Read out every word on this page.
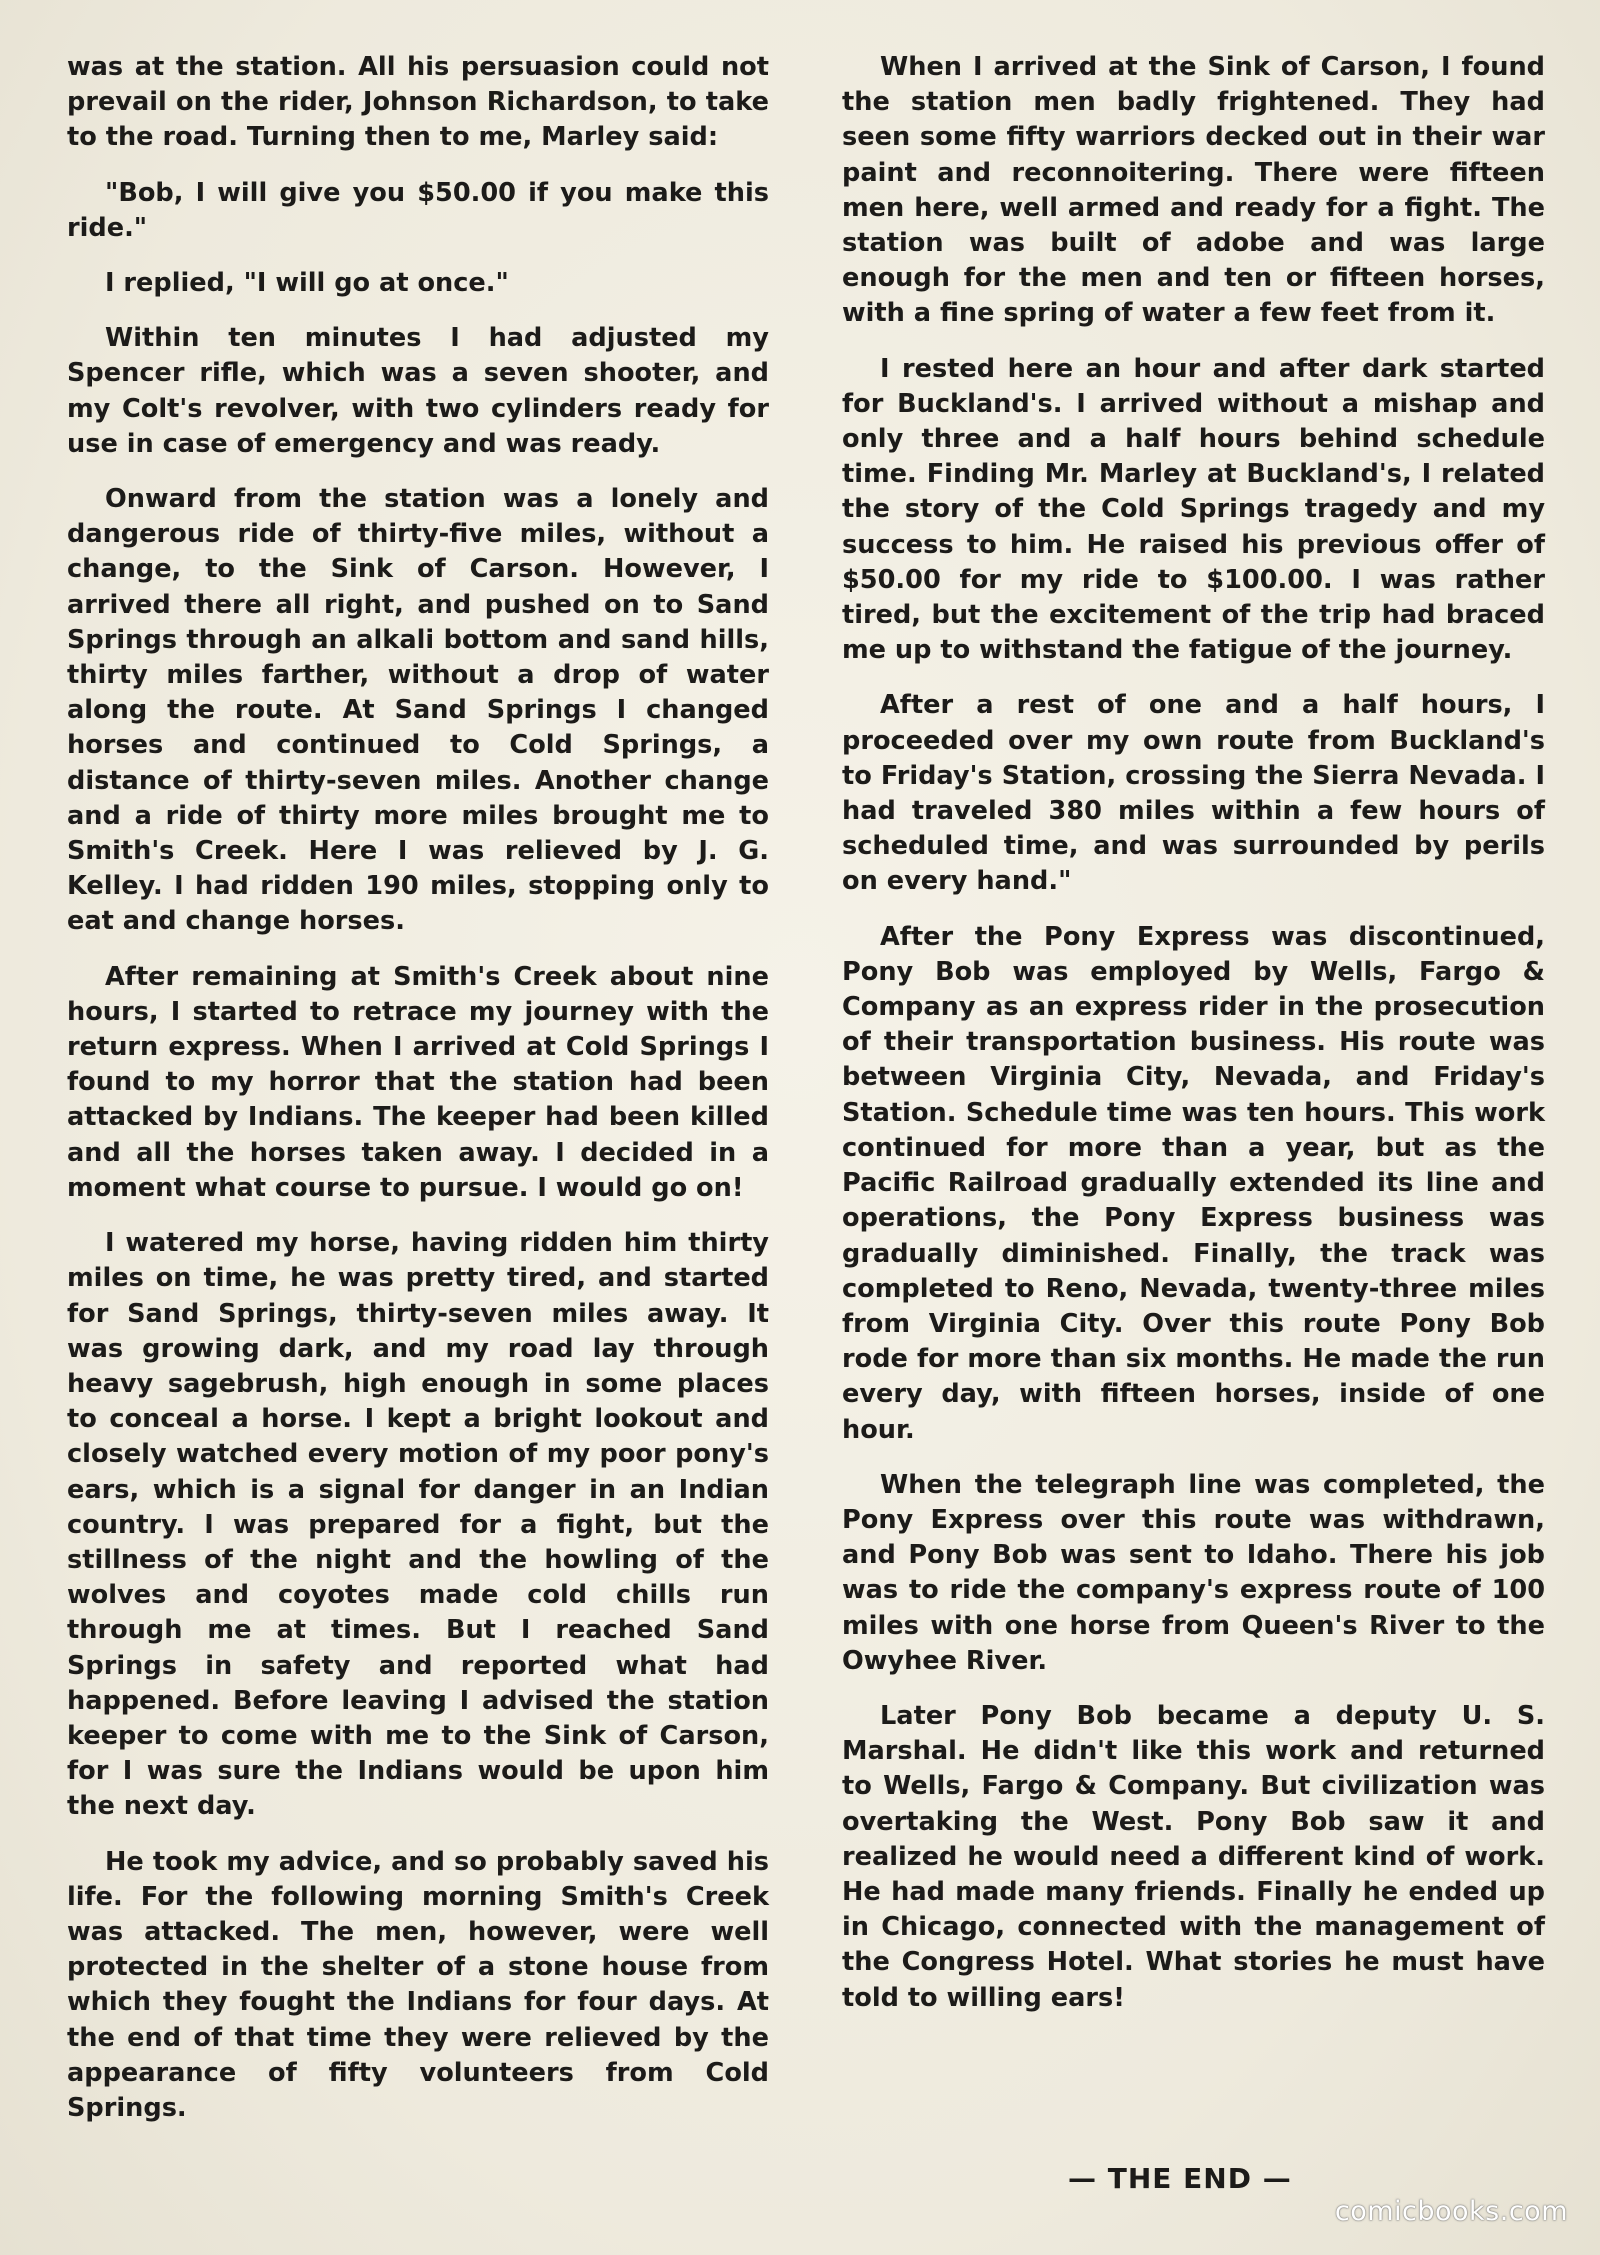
was at the station. All his persuasion could not prevail on the rider, Johnson Richardson, to take to the road. Turning then to me, Marley said:

"Bob, I will give you $50.00 if you make this ride."

I replied, "I will go at once."

Within ten minutes I had adjusted my Spencer rifle, which was a seven shooter, and my Colt's revolver, with two cylinders ready for use in case of emergency and was ready.

Onward from the station was a lonely and dangerous ride of thirty-five miles, without a change, to the Sink of Carson. However, I arrived there all right, and pushed on to Sand Springs through an alkali bottom and sand hills, thirty miles farther, without a drop of water along the route. At Sand Springs I changed horses and continued to Cold Springs, a distance of thirty-seven miles. Another change and a ride of thirty more miles brought me to Smith's Creek. Here I was relieved by J. G. Kelley. I had ridden 190 miles, stopping only to eat and change horses.

After remaining at Smith's Creek about nine hours, I started to retrace my journey with the return express. When I arrived at Cold Springs I found to my horror that the station had been attacked by Indians. The keeper had been killed and all the horses taken away. I decided in a moment what course to pursue. I would go on!

I watered my horse, having ridden him thirty miles on time, he was pretty tired, and started for Sand Springs, thirty-seven miles away. It was growing dark, and my road lay through heavy sagebrush, high enough in some places to conceal a horse. I kept a bright lookout and closely watched every motion of my poor pony's ears, which is a signal for danger in an Indian country. I was prepared for a fight, but the stillness of the night and the howling of the wolves and coyotes made cold chills run through me at times. But I reached Sand Springs in safety and reported what had happened. Before leaving I advised the station keeper to come with me to the Sink of Carson, for I was sure the Indians would be upon him the next day.

He took my advice, and so probably saved his life. For the following morning Smith's Creek was attacked. The men, however, were well protected in the shelter of a stone house from which they fought the Indians for four days. At the end of that time they were relieved by the appearance of fifty volunteers from Cold Springs.

When I arrived at the Sink of Carson, I found the station men badly frightened. They had seen some fifty warriors decked out in their war paint and reconnoitering. There were fifteen men here, well armed and ready for a fight. The station was built of adobe and was large enough for the men and ten or fifteen horses, with a fine spring of water a few feet from it.

I rested here an hour and after dark started for Buckland's. I arrived without a mishap and only three and a half hours behind schedule time. Finding Mr. Marley at Buckland's, I related the story of the Cold Springs tragedy and my success to him. He raised his previous offer of $50.00 for my ride to $100.00. I was rather tired, but the excitement of the trip had braced me up to withstand the fatigue of the journey.

After a rest of one and a half hours, I proceeded over my own route from Buckland's to Friday's Station, crossing the Sierra Nevada. I had traveled 380 miles within a few hours of scheduled time, and was surrounded by perils on every hand."

After the Pony Express was discontinued, Pony Bob was employed by Wells, Fargo & Company as an express rider in the prosecution of their transportation business. His route was between Virginia City, Nevada, and Friday's Station. Schedule time was ten hours. This work continued for more than a year, but as the Pacific Railroad gradually extended its line and operations, the Pony Express business was gradually diminished. Finally, the track was completed to Reno, Nevada, twenty-three miles from Virginia City. Over this route Pony Bob rode for more than six months. He made the run every day, with fifteen horses, inside of one hour.

When the telegraph line was completed, the Pony Express over this route was withdrawn, and Pony Bob was sent to Idaho. There his job was to ride the company's express route of 100 miles with one horse from Queen's River to the Owyhee River.

Later Pony Bob became a deputy U. S. Marshal. He didn't like this work and returned to Wells, Fargo & Company. But civilization was overtaking the West. Pony Bob saw it and realized he would need a different kind of work. He had made many friends. Finally he ended up in Chicago, connected with the management of the Congress Hotel. What stories he must have told to willing ears!

— THE END —
comicbooks.com
